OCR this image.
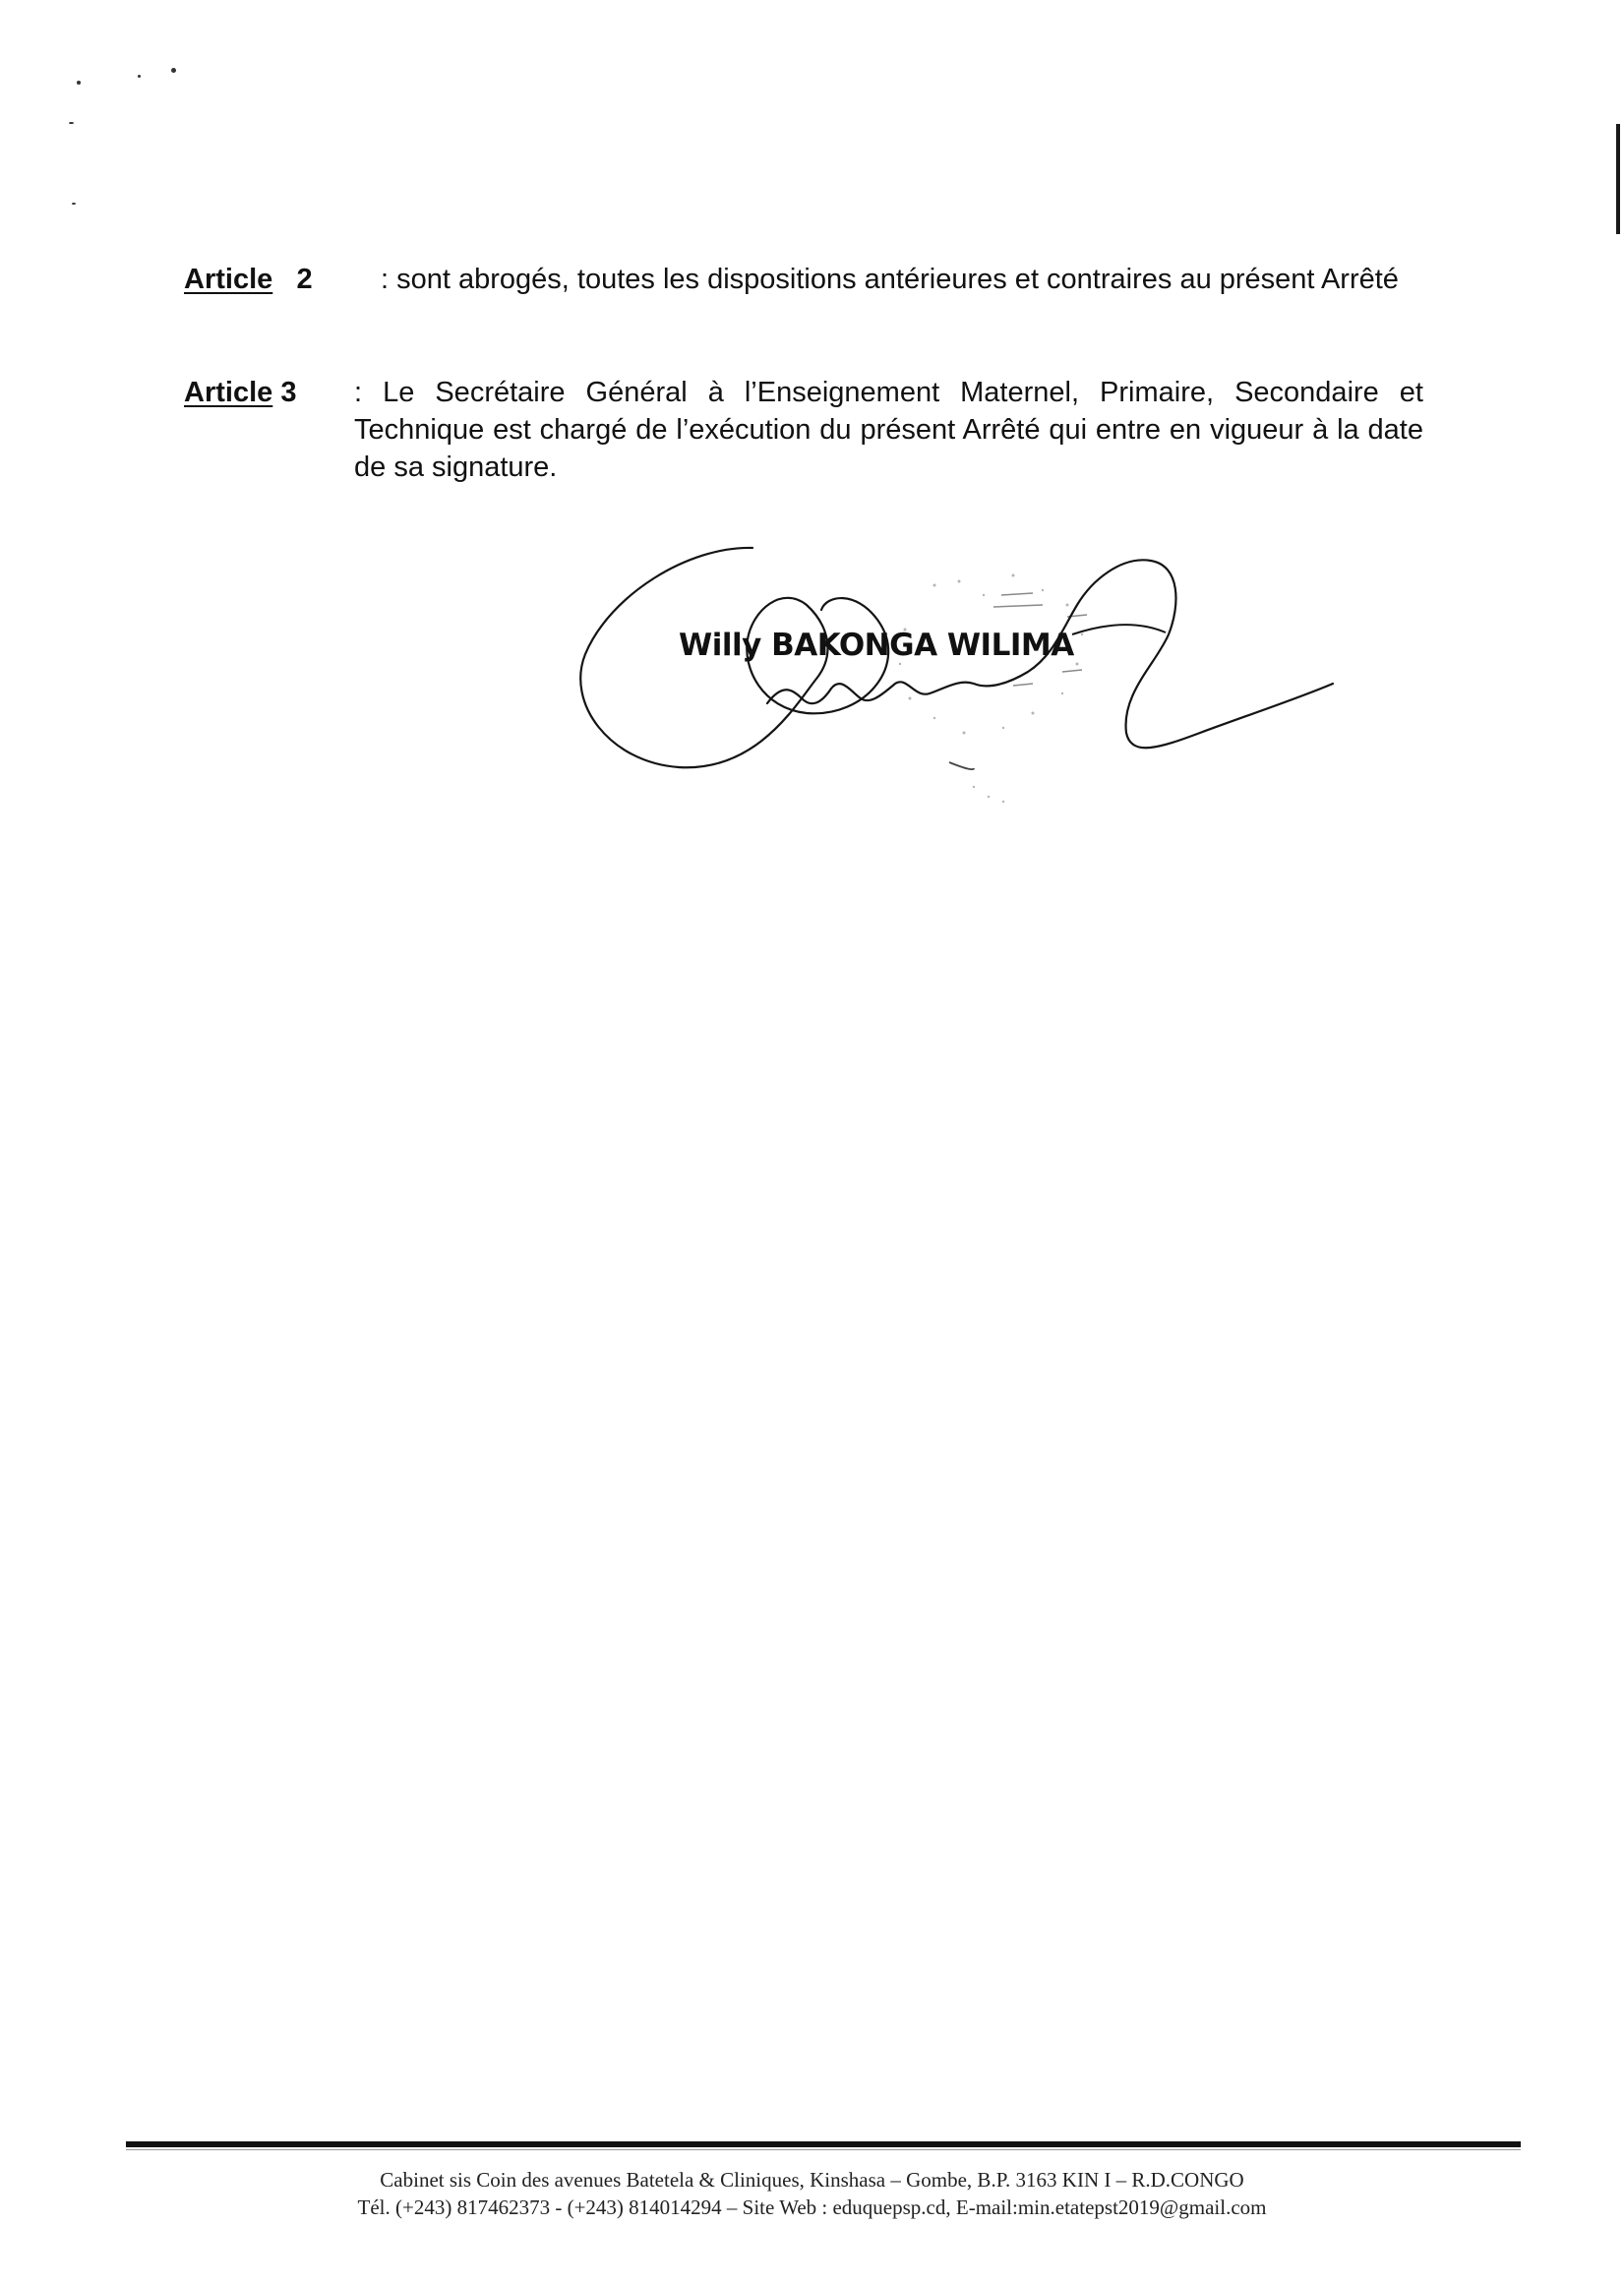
Article 2 : sont abrogés, toutes les dispositions antérieures et contraires au présent Arrêté
Article 3 : Le Secrétaire Général à l’Enseignement Maternel, Primaire, Secondaire et Technique est chargé de l’exécution du présent Arrêté qui entre en vigueur à la date de sa signature.
Willy BAKONGA WILIMA
Cabinet sis Coin des avenues Batetela & Cliniques, Kinshasa – Gombe, B.P. 3163 KIN I – R.D.CONGO
Tél. (+243) 817462373 - (+243) 814014294 – Site Web : eduquepsp.cd, E-mail:min.etatepst2019@gmail.com
